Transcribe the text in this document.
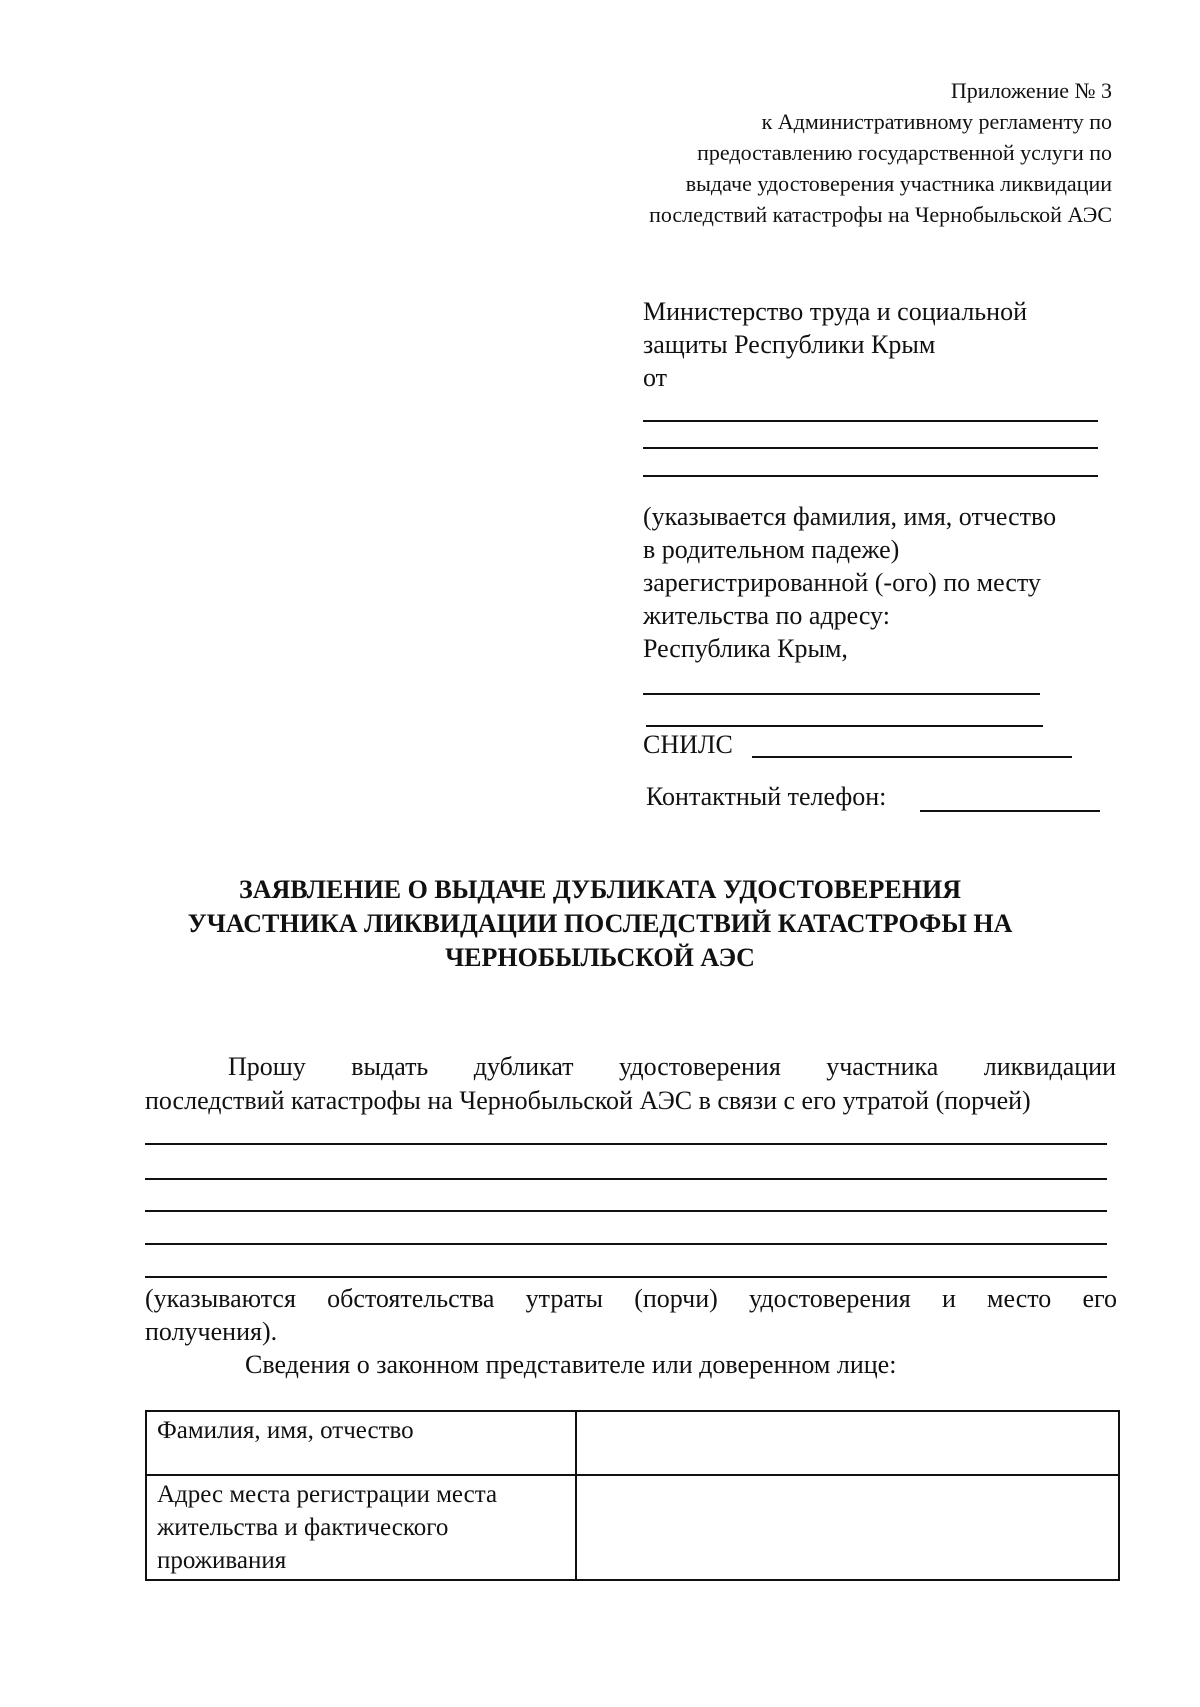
Приложение № 3
к Административному регламенту по
предоставлению государственной услуги по
выдаче удостоверения участника ликвидации
последствий катастрофы на Чернобыльской АЭС
Министерство труда и социальной
защиты Республики Крым
от
(указывается фамилия, имя, отчество
в родительном падеже)
зарегистрированной (-ого) по месту
жительства по адресу:
Республика Крым,
СНИЛС
Контактный телефон:
ЗАЯВЛЕНИЕ О ВЫДАЧЕ ДУБЛИКАТА УДОСТОВЕРЕНИЯ
УЧАСТНИКА ЛИКВИДАЦИИ ПОСЛЕДСТВИЙ КАТАСТРОФЫ НА
ЧЕРНОБЫЛЬСКОЙ АЭС
Прошу выдать дубликат удостоверения участника ликвидации
последствий катастрофы на Чернобыльской АЭС в связи с его утратой (порчей)
(указываются обстоятельства утраты (порчи) удостоверения и место его
получения).
Сведения о законном представителе или доверенном лице:
Фамилия, имя, отчество	
Адрес места регистрации места жительства и фактического проживания	
